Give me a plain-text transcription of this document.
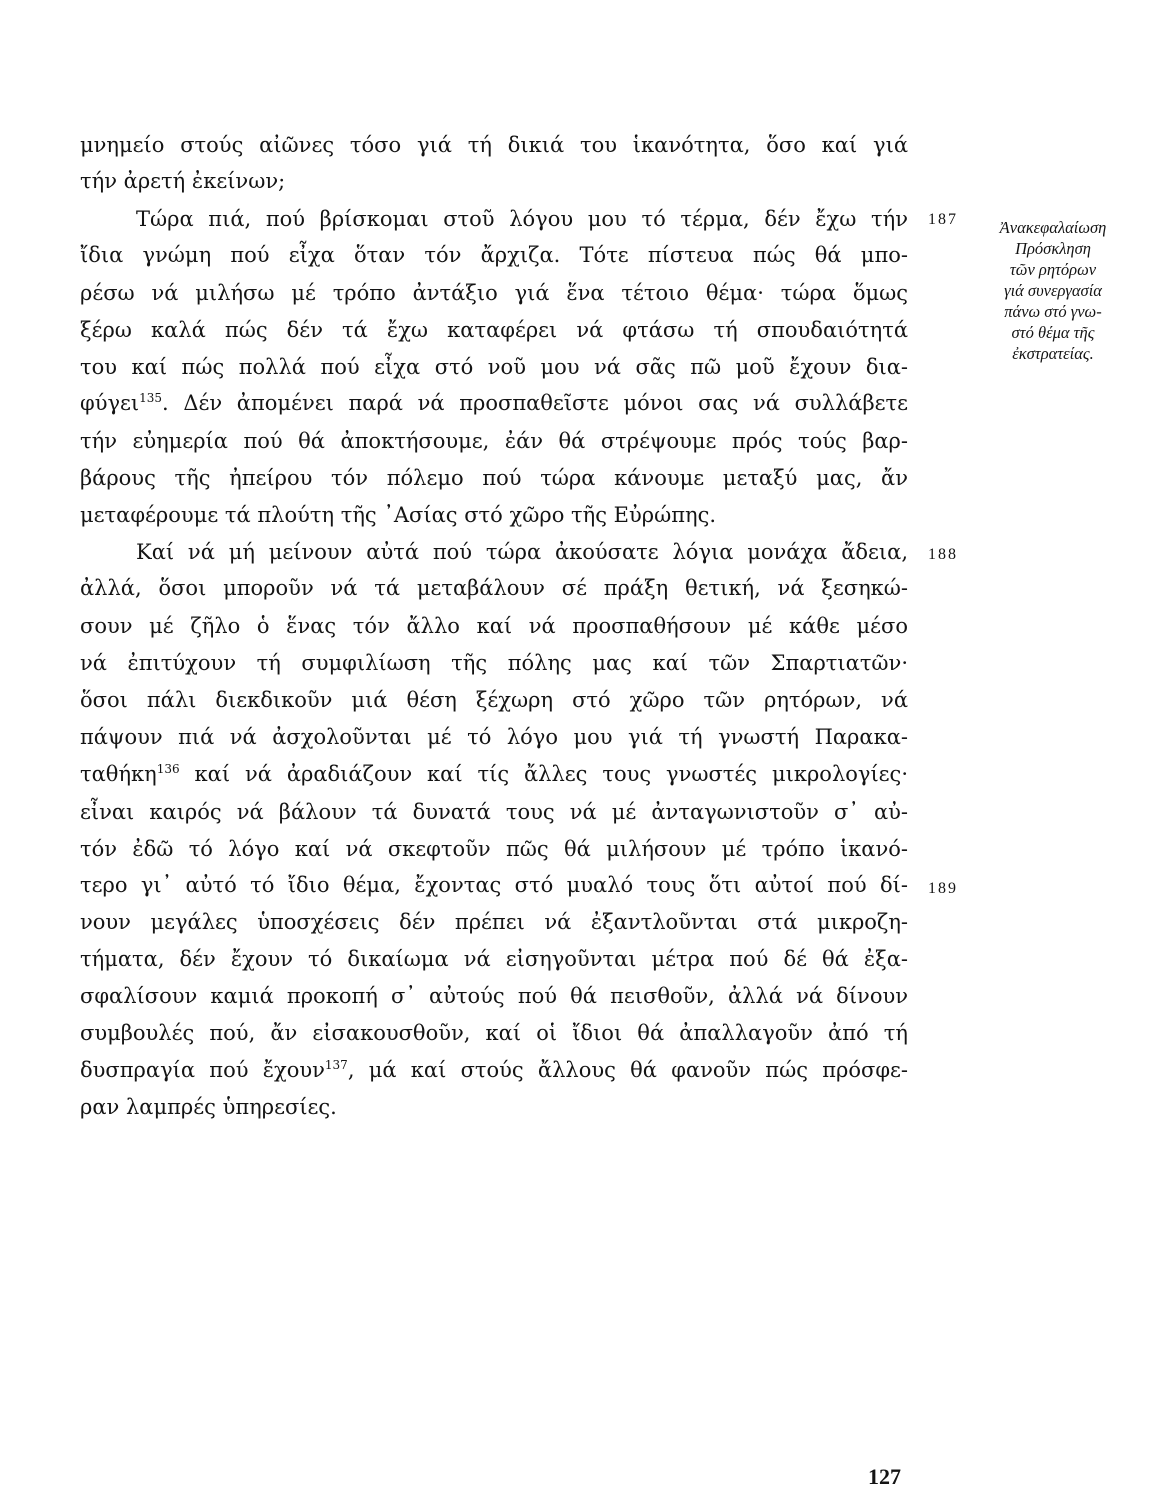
μνημείο στούς αἰῶνες τόσο γιά τή δικιά του ἱκανότητα, ὅσο καί γιά
τήν ἀρετή ἐκείνων;
Τώρα πιά, πού βρίσκομαι στοῦ λόγου μου τό τέρμα, δέν ἔχω τήν
ἴδια γνώμη πού εἶχα ὅταν τόν ἄρχιζα. Τότε πίστευα πώς θά μπο-
ρέσω νά μιλήσω μέ τρόπο ἀντάξιο γιά ἕνα τέτοιο θέμα· τώρα ὅμως
ξέρω καλά πώς δέν τά ἔχω καταφέρει νά φτάσω τή σπουδαιότητά
του καί πώς πολλά πού εἶχα στό νοῦ μου νά σᾶς πῶ μοῦ ἔχουν δια-
φύγει$^{135}$. Δέν ἀπομένει παρά νά προσπαθεῖστε μόνοι σας νά συλλάβετε
τήν εὐημερία πού θά ἀποκτήσουμε, ἐάν θά στρέψουμε πρός τούς βαρ-
βάρους τῆς ἠπείρου τόν πόλεμο πού τώρα κάνουμε μεταξύ μας, ἄν
μεταφέρουμε τά πλούτη τῆς ᾿Ασίας στό χῶρο τῆς Εὐρώπης.
Καί νά μή μείνουν αὐτά πού τώρα ἀκούσατε λόγια μονάχα ἄδεια,
ἀλλά, ὅσοι μποροῦν νά τά μεταβάλουν σέ πράξη θετική, νά ξεσηκώ-
σουν μέ ζῆλο ὁ ἕνας τόν ἄλλο καί νά προσπαθήσουν μέ κάθε μέσο
νά ἐπιτύχουν τή συμφιλίωση τῆς πόλης μας καί τῶν Σπαρτιατῶν·
ὅσοι πάλι διεκδικοῦν μιά θέση ξέχωρη στό χῶρο τῶν ρητόρων, νά
πάψουν πιά νά ἀσχολοῦνται μέ τό λόγο μου γιά τή γνωστή Παρακα-
ταθήκη$^{136}$ καί νά ἀραδιάζουν καί τίς ἄλλες τους γνωστές μικρολογίες·
εἶναι καιρός νά βάλουν τά δυνατά τους νά μέ ἀνταγωνιστοῦν σ᾿ αὐ-
τόν ἐδῶ τό λόγο καί νά σκεφτοῦν πῶς θά μιλήσουν μέ τρόπο ἱκανό-
τερο γι᾿ αὐτό τό ἴδιο θέμα, ἔχοντας στό μυαλό τους ὅτι αὐτοί πού δί-
νουν μεγάλες ὑποσχέσεις δέν πρέπει νά ἐξαντλοῦνται στά μικροζη-
τήματα, δέν ἔχουν τό δικαίωμα νά εἰσηγοῦνται μέτρα πού δέ θά ἐξα-
σφαλίσουν καμιά προκοπή σ᾿ αὐτούς πού θά πεισθοῦν, ἀλλά νά δίνουν
συμβουλές πού, ἄν εἰσακουσθοῦν, καί οἱ ἴδιοι θά ἀπαλλαγοῦν ἀπό τή
δυσπραγία πού ἔχουν$^{137}$, μά καί στούς ἄλλους θά φανοῦν πώς πρόσφε-
ραν λαμπρές ὑπηρεσίες.
187
188
189
Ἀνακεφαλαίωση
Πρόσκληση
τῶν ρητόρων
γιά συνεργασία
πάνω στό γνω-
στό θέμα τῆς
ἐκστρατείας.
127
